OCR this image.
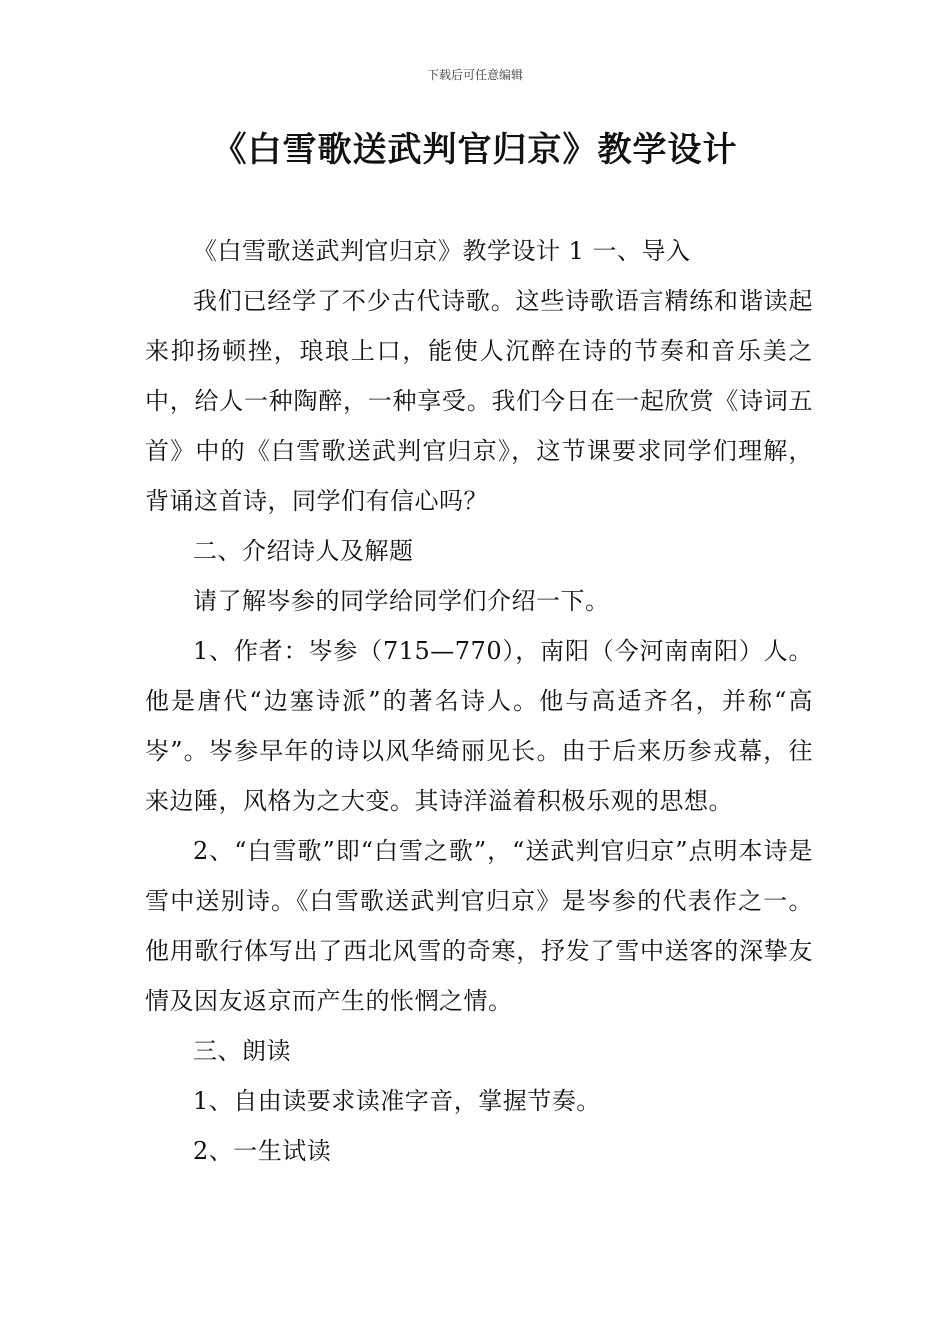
下载后可任意编辑
《白雪歌送武判官归京》教学设计

《白雪歌送武判官归京》教学设计 1 一、导入

我们已经学了不少古代诗歌。这些诗歌语言精练和谐读起来抑扬顿挫，琅琅上口，能使人沉醉在诗的节奏和音乐美之中，给人一种陶醉，一种享受。我们今日在一起欣赏《诗词五首》中的《白雪歌送武判官归京》，这节课要求同学们理解，背诵这首诗，同学们有信心吗？

二、介绍诗人及解题

请了解岑参的同学给同学们介绍一下。

1、作者：岑参（715—770），南阳（今河南南阳）人。他是唐代“边塞诗派”的著名诗人。他与高适齐名，并称“高岑”。岑参早年的诗以风华绮丽见长。由于后来历参戎幕，往来边陲，风格为之大变。其诗洋溢着积极乐观的思想。

2、“白雪歌”即“白雪之歌”，“送武判官归京”点明本诗是雪中送别诗。《白雪歌送武判官归京》是岑参的代表作之一。他用歌行体写出了西北风雪的奇寒，抒发了雪中送客的深挚友情及因友返京而产生的怅惘之情。

三、朗读

1、自由读要求读准字音，掌握节奏。

2、一生试读
